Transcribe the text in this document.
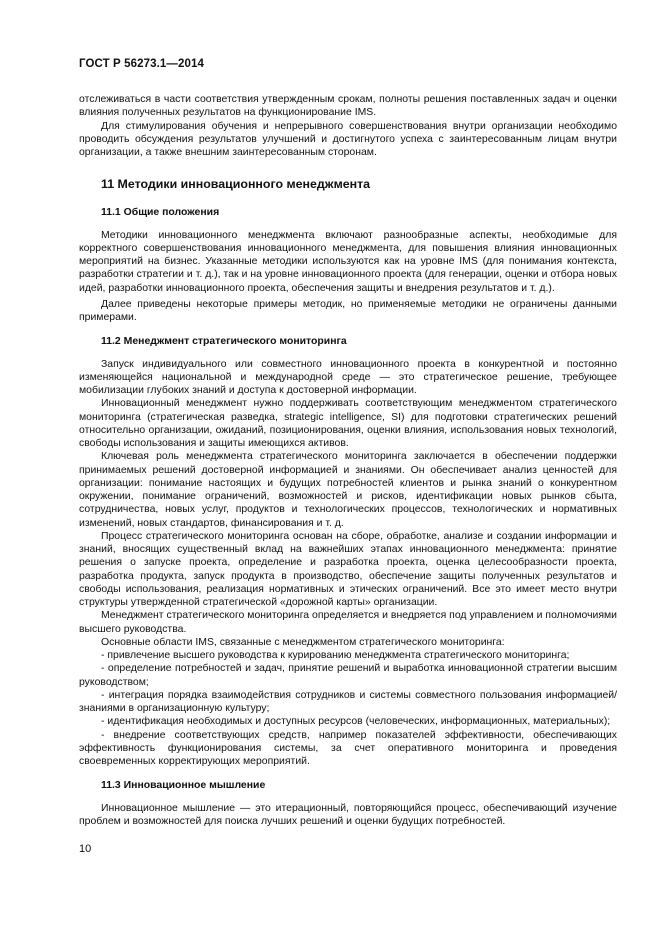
ГОСТ Р 56273.1—2014

отслеживаться в части соответствия утвержденным срокам, полноты решения поставленных задач и оценки влияния полученных результатов на функционирование IMS.

Для стимулирования обучения и непрерывного совершенствования внутри организации необходимо проводить обсуждения результатов улучшений и достигнутого успеха с заинтересованным лицам внутри организации, а также внешним заинтересованным сторонам.

11 Методики инновационного менеджмента

11.1 Общие положения

Методики инновационного менеджмента включают разнообразные аспекты, необходимые для корректного совершенствования инновационного менеджмента, для повышения влияния инновационных мероприятий на бизнес. Указанные методики используются как на уровне IMS (для понимания контекста, разработки стратегии и т. д.), так и на уровне инновационного проекта (для генерации, оценки и отбора новых идей, разработки инновационного проекта, обеспечения защиты и внедрения результатов и т. д.).

Далее приведены некоторые примеры методик, но применяемые методики не ограничены данными примерами.

11.2 Менеджмент стратегического мониторинга

Запуск индивидуального или совместного инновационного проекта в конкурентной и постоянно изменяющейся национальной и международной среде — это стратегическое решение, требующее мобилизации глубоких знаний и доступа к достоверной информации.

Инновационный менеджмент нужно поддерживать соответствующим менеджментом стратегического мониторинга (стратегическая разведка, strategic intelligence, SI) для подготовки стратегических решений относительно организации, ожиданий, позиционирования, оценки влияния, использования новых технологий, свободы использования и защиты имеющихся активов.

Ключевая роль менеджмента стратегического мониторинга заключается в обеспечении поддержки принимаемых решений достоверной информацией и знаниями. Он обеспечивает анализ ценностей для организации: понимание настоящих и будущих потребностей клиентов и рынка знаний о конкурентном окружении, понимание ограничений, возможностей и рисков, идентификации новых рынков сбыта, сотрудничества, новых услуг, продуктов и технологических процессов, технологических и нормативных изменений, новых стандартов, финансирования и т. д.

Процесс стратегического мониторинга основан на сборе, обработке, анализе и создании информации и знаний, вносящих существенный вклад на важнейших этапах инновационного менеджмента: принятие решения о запуске проекта, определение и разработка проекта, оценка целесообразности проекта, разработка продукта, запуск продукта в производство, обеспечение защиты полученных результатов и свободы использования, реализация нормативных и этических ограничений. Все это имеет место внутри структуры утвержденной стратегической «дорожной карты» организации.

Менеджмент стратегического мониторинга определяется и внедряется под управлением и полномочиями высшего руководства.

Основные области IMS, связанные с менеджментом стратегического мониторинга:

- привлечение высшего руководства к курированию менеджмента стратегического мониторинга;

- определение потребностей и задач, принятие решений и выработка инновационной стратегии высшим руководством;

- интеграция порядка взаимодействия сотрудников и системы совместного пользования информацией/знаниями в организационную культуру;

- идентификация необходимых и доступных ресурсов (человеческих, информационных, материальных);

- внедрение соответствующих средств, например показателей эффективности, обеспечивающих эффективность функционирования системы, за счет оперативного мониторинга и проведения своевременных корректирующих мероприятий.

11.3 Инновационное мышление

Инновационное мышление — это итерационный, повторяющийся процесс, обеспечивающий изучение проблем и возможностей для поиска лучших решений и оценки будущих потребностей.

10
